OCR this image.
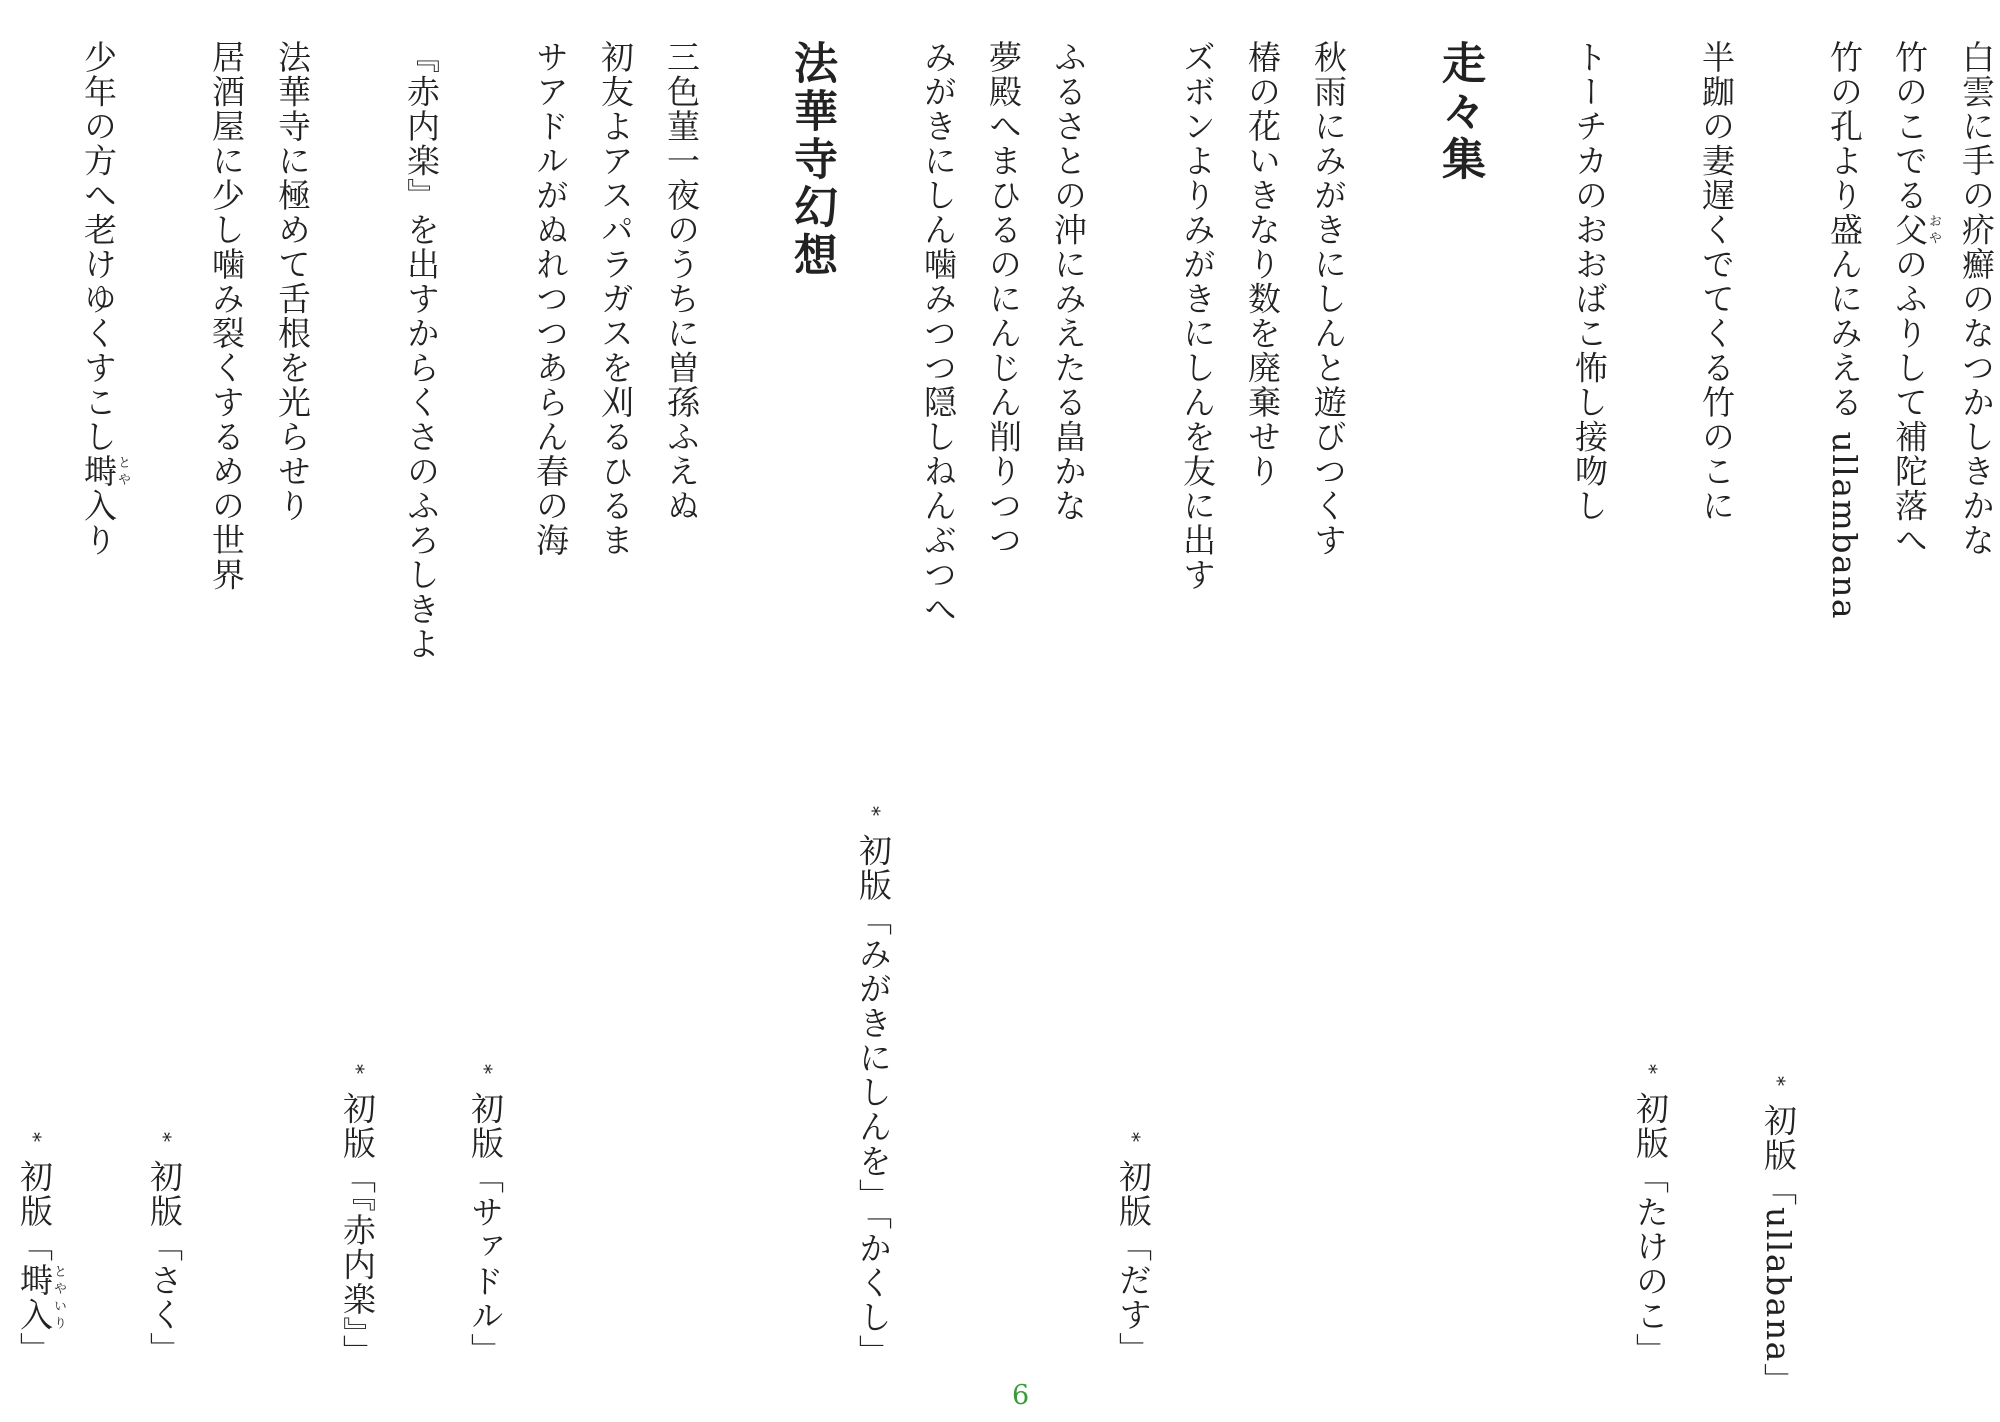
白雲に手の疥癬のなつかしきかな
竹のこでる父おやのふりして補陀落へ
竹の孔より盛んにみえる ullambana
半跏の妻遅くでてくる竹のこに
トーチカのおおばこ怖し接吻し
走々集
秋雨にみがきにしんと遊びつくす
椿の花いきなり数を廃棄せり
ズボンよりみがきにしんを友に出す
ふるさとの沖にみえたる畠かな
夢殿へまひるのにんじん削りつつ
みがきにしん噛みつつ隠しねんぶつへ
法華寺幻想
三色菫一夜のうちに曽孫ふえぬ
初友よアスパラガスを刈るひるま
サアドルがぬれつつあらん春の海
『赤内楽』を出すからくさのふろしきよ
法華寺に極めて舌根を光らせり
居酒屋に少し噛み裂くするめの世界
少年の方へ老けゆくすこし塒とや入り
*初版「ullabana」
*初版「たけのこ」
*初版「だす」
*初版「みがきにしんを」「かくし」
*初版「サァドル」
*初版「『赤内楽』」
*初版「さく」
*初版「塒入とやいり」
6
